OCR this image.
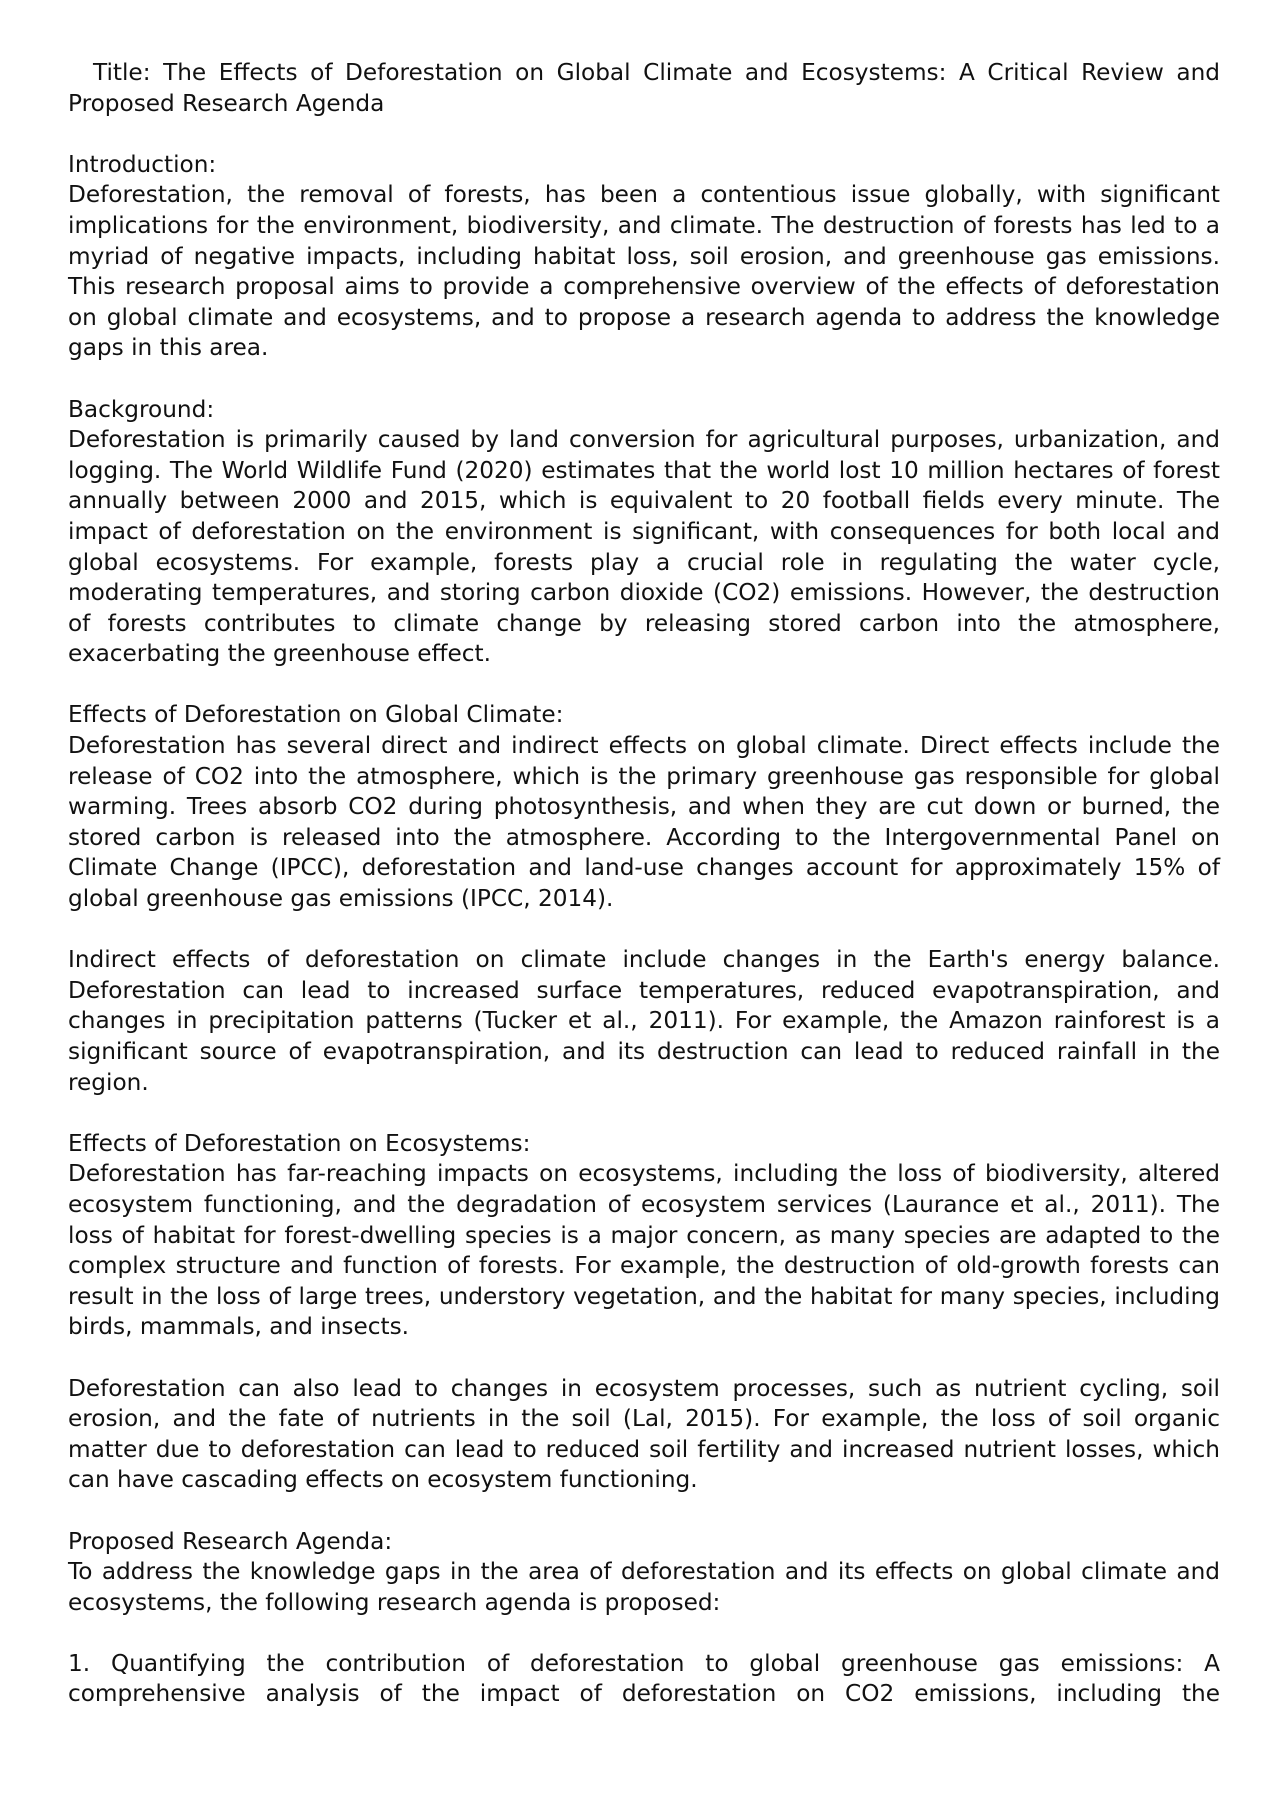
Title: The Effects of Deforestation on Global Climate and Ecosystems: A Critical Review and Proposed Research Agenda

Introduction:

Deforestation, the removal of forests, has been a contentious issue globally, with significant implications for the environment, biodiversity, and climate. The destruction of forests has led to a myriad of negative impacts, including habitat loss, soil erosion, and greenhouse gas emissions. This research proposal aims to provide a comprehensive overview of the effects of deforestation on global climate and ecosystems, and to propose a research agenda to address the knowledge gaps in this area.

Background:

Deforestation is primarily caused by land conversion for agricultural purposes, urbanization, and logging. The World Wildlife Fund (2020) estimates that the world lost 10 million hectares of forest annually between 2000 and 2015, which is equivalent to 20 football fields every minute. The impact of deforestation on the environment is significant, with consequences for both local and global ecosystems. For example, forests play a crucial role in regulating the water cycle, moderating temperatures, and storing carbon dioxide (CO2) emissions. However, the destruction of forests contributes to climate change by releasing stored carbon into the atmosphere, exacerbating the greenhouse effect.

Effects of Deforestation on Global Climate:

Deforestation has several direct and indirect effects on global climate. Direct effects include the release of CO2 into the atmosphere, which is the primary greenhouse gas responsible for global warming. Trees absorb CO2 during photosynthesis, and when they are cut down or burned, the stored carbon is released into the atmosphere. According to the Intergovernmental Panel on Climate Change (IPCC), deforestation and land-use changes account for approximately 15% of global greenhouse gas emissions (IPCC, 2014).

Indirect effects of deforestation on climate include changes in the Earth's energy balance. Deforestation can lead to increased surface temperatures, reduced evapotranspiration, and changes in precipitation patterns (Tucker et al., 2011). For example, the Amazon rainforest is a significant source of evapotranspiration, and its destruction can lead to reduced rainfall in the region.

Effects of Deforestation on Ecosystems:

Deforestation has far-reaching impacts on ecosystems, including the loss of biodiversity, altered ecosystem functioning, and the degradation of ecosystem services (Laurance et al., 2011). The loss of habitat for forest-dwelling species is a major concern, as many species are adapted to the complex structure and function of forests. For example, the destruction of old-growth forests can result in the loss of large trees, understory vegetation, and the habitat for many species, including birds, mammals, and insects.

Deforestation can also lead to changes in ecosystem processes, such as nutrient cycling, soil erosion, and the fate of nutrients in the soil (Lal, 2015). For example, the loss of soil organic matter due to deforestation can lead to reduced soil fertility and increased nutrient losses, which can have cascading effects on ecosystem functioning.

Proposed Research Agenda:

To address the knowledge gaps in the area of deforestation and its effects on global climate and ecosystems, the following research agenda is proposed:

1. Quantifying the contribution of deforestation to global greenhouse gas emissions: A comprehensive analysis of the impact of deforestation on CO2 emissions, including the
